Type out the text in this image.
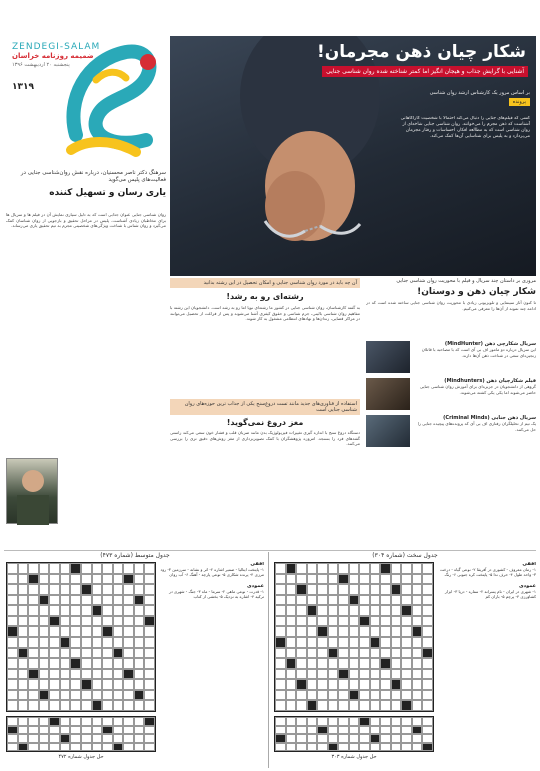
ZENDEGI-SALAM
ضمیمه روزنامه خراسان
پنجشنبه ۲۰ اردیبهشت ۱۳۹۶
۱۳۱۹
شکار چیان ذهن مجرمان!
آشنایی با گرایش جذاب و هیجان انگیز اما کمتر شناخته شده روان شناسی جنایی
بر اساس مرور یک کارشناس ارشد روان شناسی
پرونده
کسی که فیلم‌های جنایی را دنبال می‌کند احتمالا با شخصیت کارآگاهانی آشناست که ذهن مجرم را می‌خوانند. روان شناسی جنایی شاخه‌ای از روان شناسی است که به مطالعه افکار، احساسات و رفتار مجرمان می‌پردازد و به پلیس برای شناسایی آن‌ها کمک می‌کند.
سرهنگ دکتر ناصر محسنیان، درباره نقش روان‌شناسی جنایی در فعالیت‌های پلیس می‌گوید
یاری رسان و تسهیل کننده
روان شناسی جنایی عنوان جذابی است که به دلیل سیاری نمایش آن در فیلم ها و سریال ها برای مخاطبان زیادی آشناست. پلیس در مراحل تحقیق و بازجویی از روان شناسان کمک می‌گیرد و روان شناس با شناخت ویژگی‌های شخصیتی مجرم به تیم تحقیق یاری می‌رساند.
آن چه باید در مورد روان شناسی جنایی و امکان تحصیل در این رشته بدانید
رشته‌ای رو به رشد!
به گفته کارشناسان، روان شناسی جنایی در کشور ما رشته‌ای نوپا اما رو به رشد است. دانشجویان این رشته با مفاهیم روان شناسی بالینی، جرم شناسی و حقوق کیفری آشنا می‌شوند و پس از فراغت از تحصیل می‌توانند در مراکز قضایی، زندان‌ها و نهادهای انتظامی مشغول به کار شوند.
استفاده از فناوری‌های جدید مانند تست دروغ‌سنج یکی از جذاب ترین حوزه‌های روان شناسی جنایی است
مغز دروغ نمی‌گوید!
دستگاه دروغ سنج با اندازه گیری تغییرات فیزیولوژیک بدن مانند ضربان قلب و فشار خون سعی می‌کند راستی گفته‌های فرد را بسنجد. امروزه پژوهشگران با کمک تصویربرداری از مغز روش‌های دقیق تری را بررسی می‌کنند.
مروری بر داستان چند سریال و فیلم با محوریت روان شناسی جنایی
شکار چیان ذهن و دوستان!
تا کنون آثار سینمایی و تلویزیونی زیادی با محوریت روان شناسی جنایی ساخته شده است که در ادامه چند نمونه از آن‌ها را معرفی می‌کنیم.
سریال شکارچی ذهن (MindHunter)
این سریال درباره دو مامور اف بی آی است که با مصاحبه با قاتلان زنجیره‌ای سعی در شناخت ذهن آن‌ها دارند.
فیلم شکارچیان ذهن (Mindhunters)
گروهی از دانشجویان در جزیره‌ای برای آموزش روان شناسی جنایی حاضر می‌شوند اما یکی یکی کشته می‌شوند.
سریال ذهن جنایی (Criminal Minds)
یک تیم از تحلیلگران رفتاری اف بی آی که پرونده‌های پیچیده جنایی را حل می‌کنند.
جدول متوسط (شماره ۴۷۳)
حل جدول شماره ۴۷۲
افقی
۱- پایتخت ایتالیا - ضمیر اشاره ۲- اثر و نشانه - سرزمین ۳- رود مرزی ۴- پرنده شکاری ۵- نوعی پارچه - آهنگ ۶- آب روان
عمودی
۱- قدرت - نوعی ماهی ۲- سرما - ماه ۳- جنگ - شهری در ترکیه ۴- اشاره به نزدیک ۵- بخشی از کتاب
جدول سخت (شماره ۳۰۴)
حل جدول شماره ۳۰۳
افقی
۱- رمان معروف - کشوری در آفریقا ۲- نوعی گیاه - درخت ۳- واحد طول ۴- حرف ندا ۵- پایتخت کره جنوبی ۶- رنگ
عمودی
۱- شهری در ایران - نام پسرانه ۲- ستاره - دریا ۳- ابزار کشاورزی ۴- پرچم ۵- باران کم
